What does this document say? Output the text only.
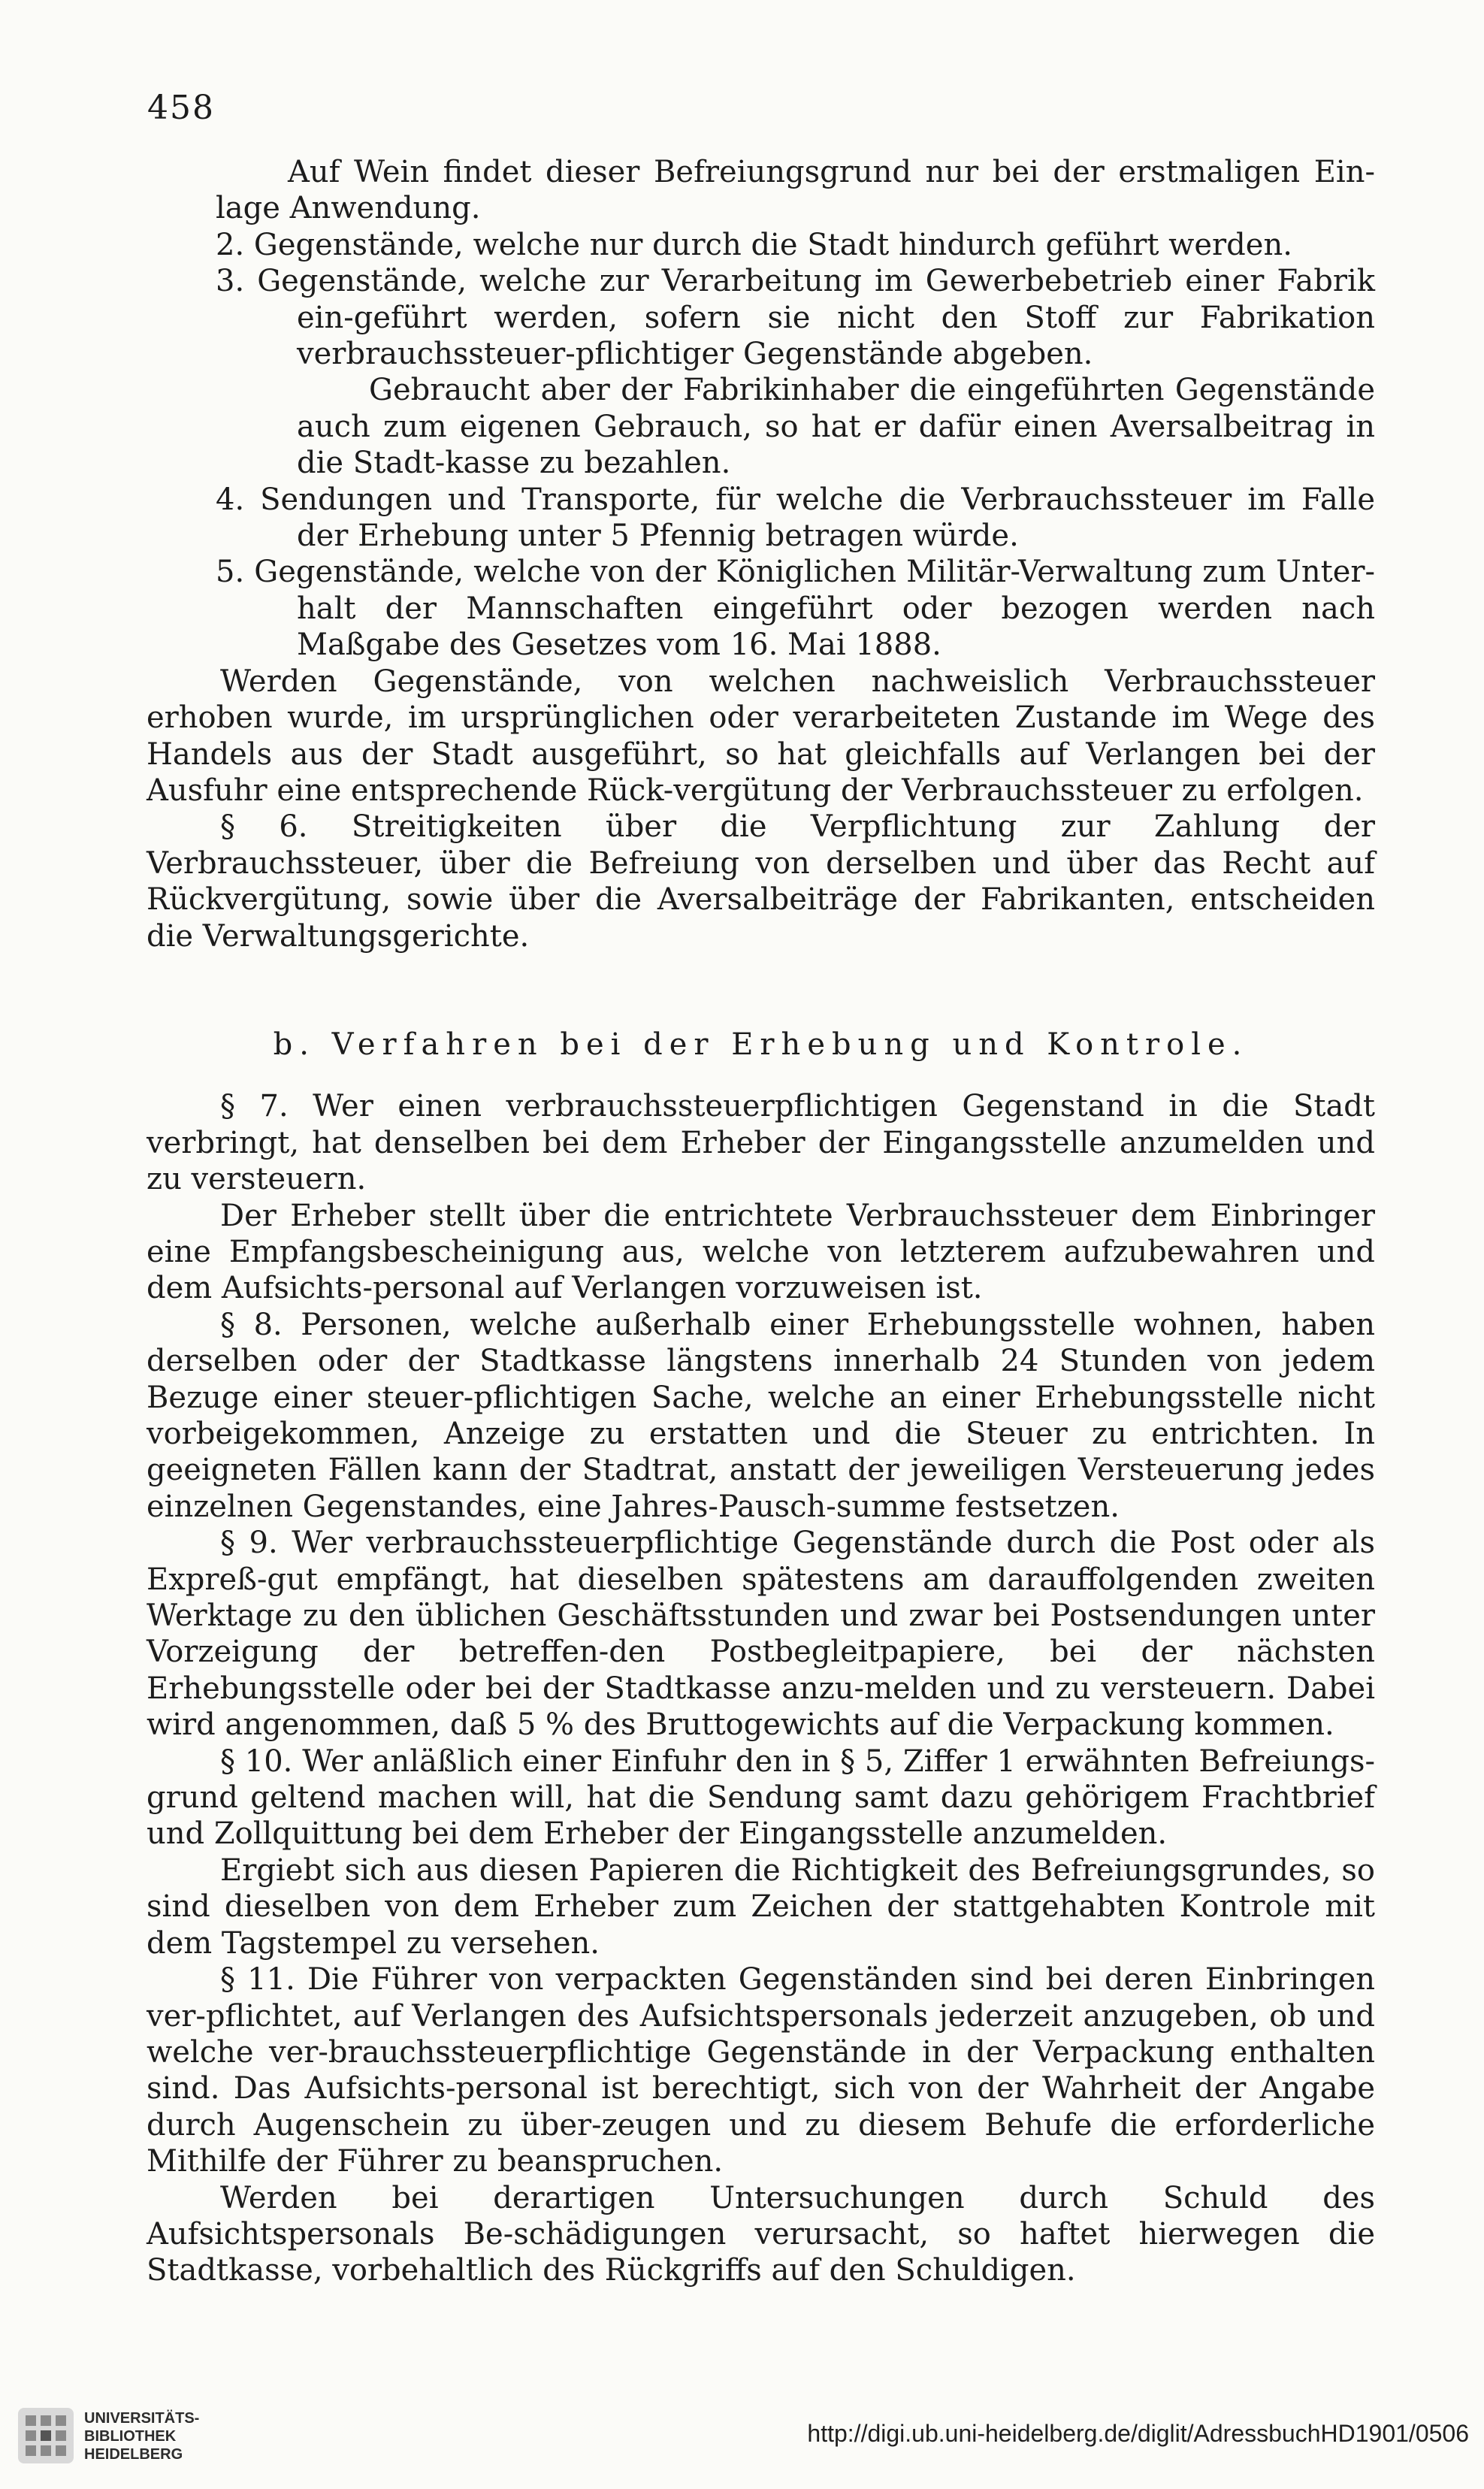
458

Auf Wein findet dieser Befreiungsgrund nur bei der erstmaligen Ein-lage Anwendung.

2. Gegenstände, welche nur durch die Stadt hindurch geführt werden.

3. Gegenstände, welche zur Verarbeitung im Gewerbebetrieb einer Fabrik ein-geführt werden, sofern sie nicht den Stoff zur Fabrikation verbrauchssteuer-pflichtiger Gegenstände abgeben.

Gebraucht aber der Fabrikinhaber die eingeführten Gegenstände auch zum eigenen Gebrauch, so hat er dafür einen Aversalbeitrag in die Stadt-kasse zu bezahlen.

4. Sendungen und Transporte, für welche die Verbrauchssteuer im Falle der Erhebung unter 5 Pfennig betragen würde.

5. Gegenstände, welche von der Königlichen Militär-Verwaltung zum Unter-halt der Mannschaften eingeführt oder bezogen werden nach Maßgabe des Gesetzes vom 16. Mai 1888.

Werden Gegenstände, von welchen nachweislich Verbrauchssteuer erhoben wurde, im ursprünglichen oder verarbeiteten Zustande im Wege des Handels aus der Stadt ausgeführt, so hat gleichfalls auf Verlangen bei der Ausfuhr eine entsprechende Rück-vergütung der Verbrauchssteuer zu erfolgen.

§ 6. Streitigkeiten über die Verpflichtung zur Zahlung der Verbrauchssteuer, über die Befreiung von derselben und über das Recht auf Rückvergütung, sowie über die Aversalbeiträge der Fabrikanten, entscheiden die Verwaltungsgerichte.

b. Verfahren bei der Erhebung und Kontrole.

§ 7. Wer einen verbrauchssteuerpflichtigen Gegenstand in die Stadt verbringt, hat denselben bei dem Erheber der Eingangsstelle anzumelden und zu versteuern.

Der Erheber stellt über die entrichtete Verbrauchssteuer dem Einbringer eine Empfangsbescheinigung aus, welche von letzterem aufzubewahren und dem Aufsichts-personal auf Verlangen vorzuweisen ist.

§ 8. Personen, welche außerhalb einer Erhebungsstelle wohnen, haben derselben oder der Stadtkasse längstens innerhalb 24 Stunden von jedem Bezuge einer steuer-pflichtigen Sache, welche an einer Erhebungsstelle nicht vorbeigekommen, Anzeige zu erstatten und die Steuer zu entrichten. In geeigneten Fällen kann der Stadtrat, anstatt der jeweiligen Versteuerung jedes einzelnen Gegenstandes, eine Jahres-Pausch-summe festsetzen.

§ 9. Wer verbrauchssteuerpflichtige Gegenstände durch die Post oder als Expreß-gut empfängt, hat dieselben spätestens am darauffolgenden zweiten Werktage zu den üblichen Geschäftsstunden und zwar bei Postsendungen unter Vorzeigung der betreffen-den Postbegleitpapiere, bei der nächsten Erhebungsstelle oder bei der Stadtkasse anzu-melden und zu versteuern. Dabei wird angenommen, daß 5 % des Bruttogewichts auf die Verpackung kommen.

§ 10. Wer anläßlich einer Einfuhr den in § 5, Ziffer 1 erwähnten Befreiungs-grund geltend machen will, hat die Sendung samt dazu gehörigem Frachtbrief und Zollquittung bei dem Erheber der Eingangsstelle anzumelden.

Ergiebt sich aus diesen Papieren die Richtigkeit des Befreiungsgrundes, so sind dieselben von dem Erheber zum Zeichen der stattgehabten Kontrole mit dem Tagstempel zu versehen.

§ 11. Die Führer von verpackten Gegenständen sind bei deren Einbringen ver-pflichtet, auf Verlangen des Aufsichtspersonals jederzeit anzugeben, ob und welche ver-brauchssteuerpflichtige Gegenstände in der Verpackung enthalten sind. Das Aufsichts-personal ist berechtigt, sich von der Wahrheit der Angabe durch Augenschein zu über-zeugen und zu diesem Behufe die erforderliche Mithilfe der Führer zu beanspruchen.

Werden bei derartigen Untersuchungen durch Schuld des Aufsichtspersonals Be-schädigungen verursacht, so haftet hierwegen die Stadtkasse, vorbehaltlich des Rückgriffs auf den Schuldigen.

UNIVERSITÄTS-
BIBLIOTHEK
HEIDELBERG
http://digi.ub.uni-heidelberg.de/diglit/AdressbuchHD1901/0506
